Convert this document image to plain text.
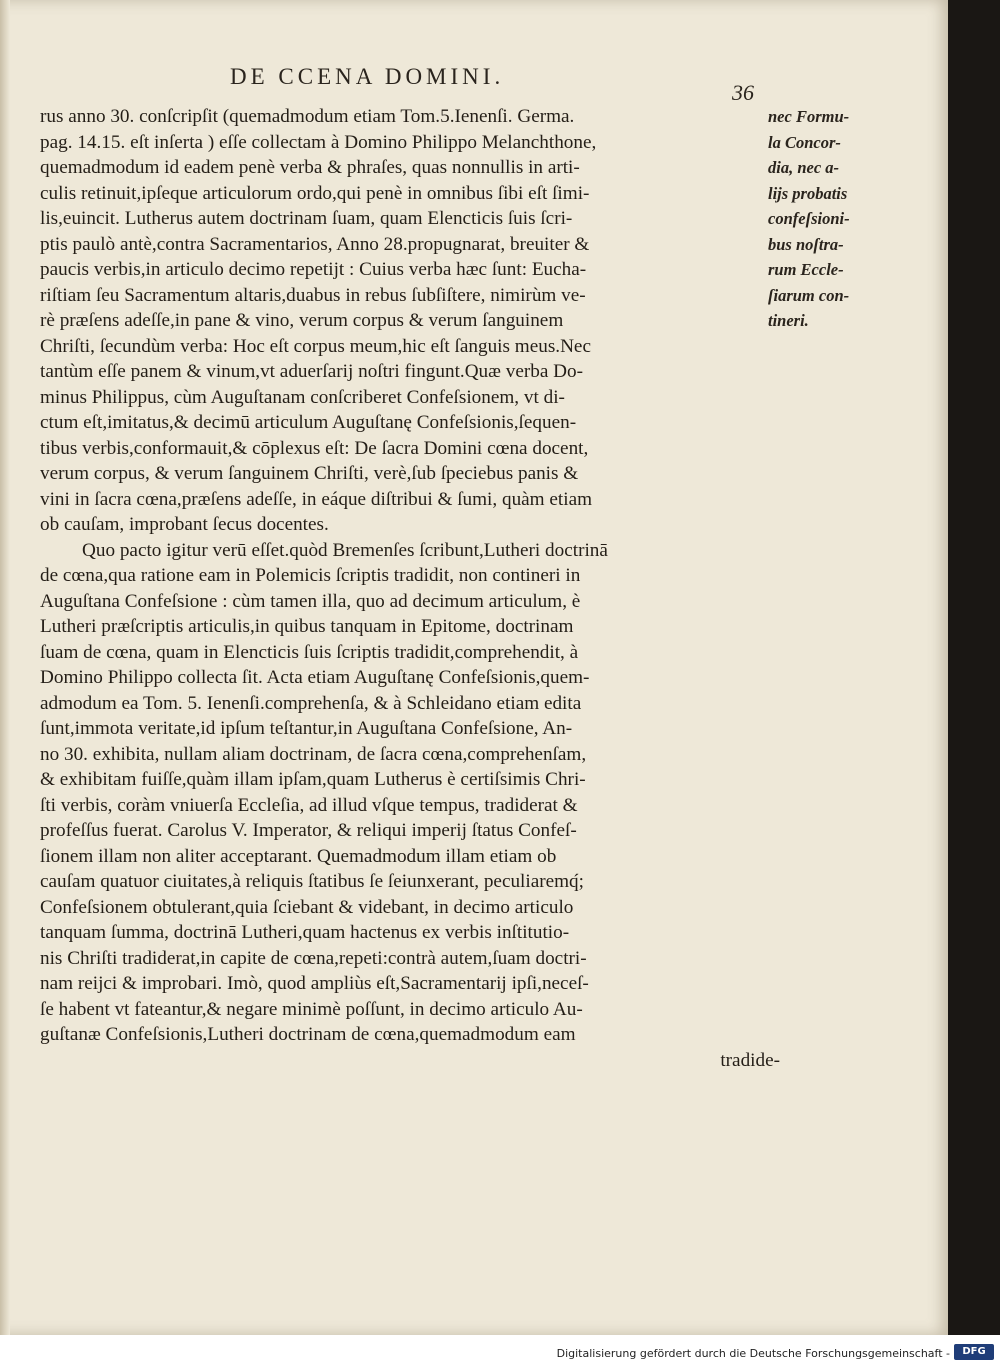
DE CCENA DOMINI.
36
rus anno 30. conſcripſit (quemadmodum etiam Tom.5.Ienenſi. Germa.
pag. 14.15. eſt inſerta ) eſſe collectam à Domino Philippo Melanchthone,
quemadmodum id eadem penè verba & phraſes, quas nonnullis in arti-
culis retinuit,ipſeque articulorum ordo,qui penè in omnibus ſibi eſt ſimi-
lis,euincit. Lutherus autem doctrinam ſuam, quam Elencticis ſuis ſcri-
ptis paulò antè,contra Sacramentarios, Anno 28.propugnarat, breuiter &
paucis verbis,in articulo decimo repetijt : Cuius verba hæc ſunt: Eucha-
riſtiam ſeu Sacramentum altaris,duabus in rebus ſubſiſtere, nimirùm ve-
rè præſens adeſſe,in pane & vino, verum corpus & verum ſanguinem
Chriſti, ſecundùm verba: Hoc eſt corpus meum,hic eſt ſanguis meus.Nec
tantùm eſſe panem & vinum,vt aduerſarij noſtri fingunt.Quæ verba Do-
minus Philippus, cùm Auguſtanam conſcriberet Confeſsionem, vt di-
ctum eſt,imitatus,& decimū articulum Auguſtanę Confeſsionis,ſequen-
tibus verbis,conformauit,& cōplexus eſt: De ſacra Domini cœna docent,
verum corpus, & verum ſanguinem Chriſti, verè,ſub ſpeciebus panis &
vini in ſacra cœna,præſens adeſſe, in eáque diſtribui & ſumi, quàm etiam
ob cauſam, improbant ſecus docentes.
Quo pacto igitur verū eſſet.quòd Bremenſes ſcribunt,Lutheri doctrinā
de cœna,qua ratione eam in Polemicis ſcriptis tradidit, non contineri in
Auguſtana Confeſsione : cùm tamen illa, quo ad decimum articulum, è
Lutheri præſcriptis articulis,in quibus tanquam in Epitome, doctrinam
ſuam de cœna, quam in Elencticis ſuis ſcriptis tradidit,comprehendit, à
Domino Philippo collecta ſit. Acta etiam Auguſtanę Confeſsionis,quem-
admodum ea Tom. 5. Ienenſi.comprehenſa, & à Schleidano etiam edita
ſunt,immota veritate,id ipſum teſtantur,in Auguſtana Confeſsione, An-
no 30. exhibita, nullam aliam doctrinam, de ſacra cœna,comprehenſam,
& exhibitam fuiſſe,quàm illam ipſam,quam Lutherus è certiſsimis Chri-
ſti verbis, coràm vniuerſa Eccleſia, ad illud vſque tempus, tradiderat &
profeſſus fuerat. Carolus V. Imperator, & reliqui imperij ſtatus Confeſ-
ſionem illam non aliter acceptarant. Quemadmodum illam etiam ob
cauſam quatuor ciuitates,à reliquis ſtatibus ſe ſeiunxerant, peculiaremq́;
Confeſsionem obtulerant,quia ſciebant & videbant, in decimo articulo
tanquam ſumma, doctrinā Lutheri,quam hactenus ex verbis inſtitutio-
nis Chriſti tradiderat,in capite de cœna,repeti:contrà autem,ſuam doctri-
nam reijci & improbari. Imò, quod ampliùs eſt,Sacramentarij ipſi,neceſ-
ſe habent vt fateantur,& negare minimè poſſunt, in decimo articulo Au-
guſtanæ Confeſsionis,Lutheri doctrinam de cœna,quemadmodum eam
tradide-
nec Formu-
la Concor-
dia, nec a-
lijs probatis
confeſsioni-
bus noſtra-
rum Eccle-
ſiarum con-
tineri.
Digitalisierung gefördert durch die Deutsche Forschungsgemeinschaft -	DFG
